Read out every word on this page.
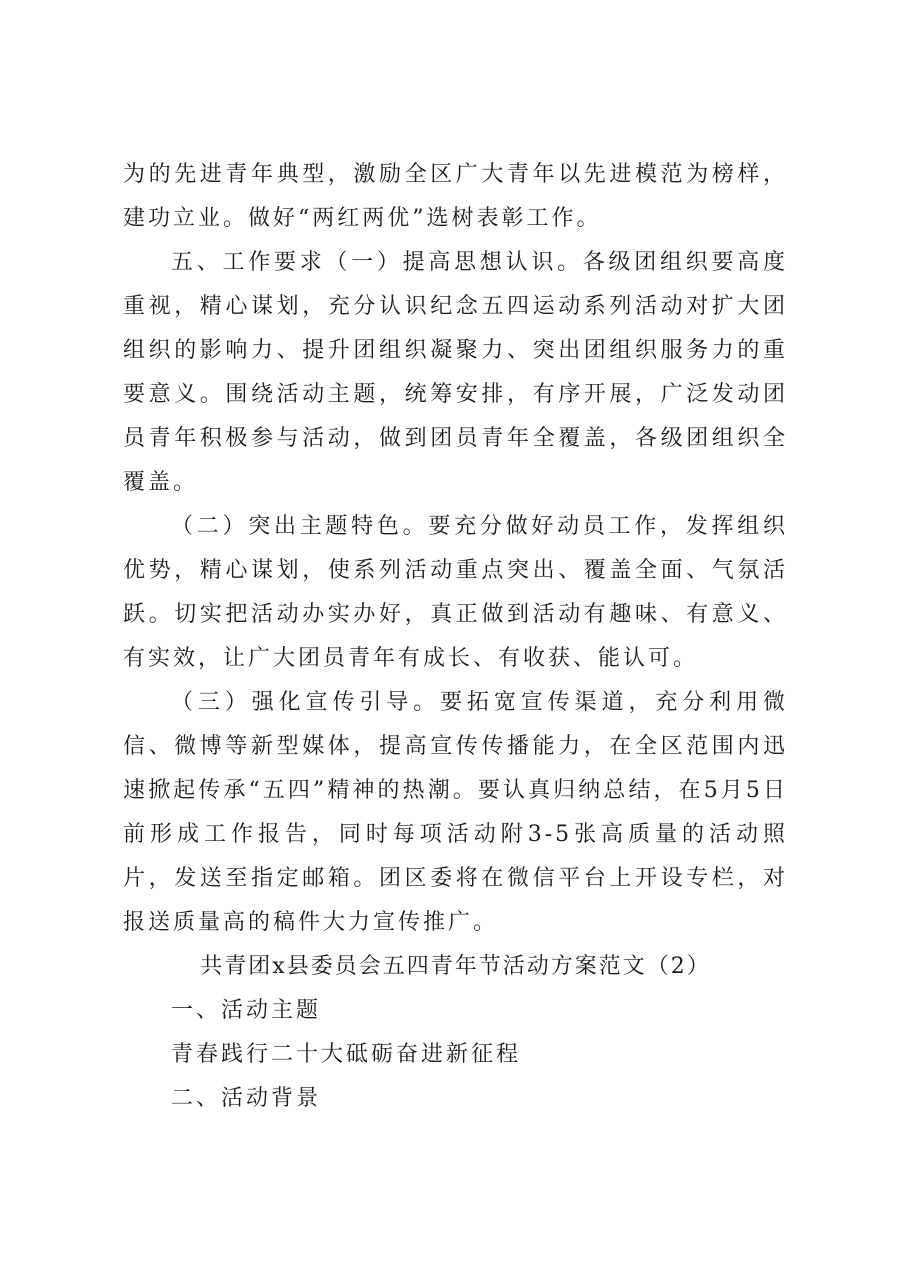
为的先进青年典型，激励全区广大青年以先进模范为榜样，建功立业。做好“两红两优”选树表彰工作。

五、工作要求（一）提高思想认识。各级团组织要高度重视，精心谋划，充分认识纪念五四运动系列活动对扩大团组织的影响力、提升团组织凝聚力、突出团组织服务力的重要意义。围绕活动主题，统筹安排，有序开展，广泛发动团员青年积极参与活动，做到团员青年全覆盖，各级团组织全覆盖。

（二）突出主题特色。要充分做好动员工作，发挥组织优势，精心谋划，使系列活动重点突出、覆盖全面、气氛活跃。切实把活动办实办好，真正做到活动有趣味、有意义、有实效，让广大团员青年有成长、有收获、能认可。

（三）强化宣传引导。要拓宽宣传渠道，充分利用微信、微博等新型媒体，提高宣传传播能力，在全区范围内迅速掀起传承“五四”精神的热潮。要认真归纳总结，在5月5日前形成工作报告，同时每项活动附3-5张高质量的活动照片，发送至指定邮箱。团区委将在微信平台上开设专栏，对报送质量高的稿件大力宣传推广。

共青团x县委员会五四青年节活动方案范文（2）

一、活动主题

青春践行二十大砥砺奋进新征程

二、活动背景
